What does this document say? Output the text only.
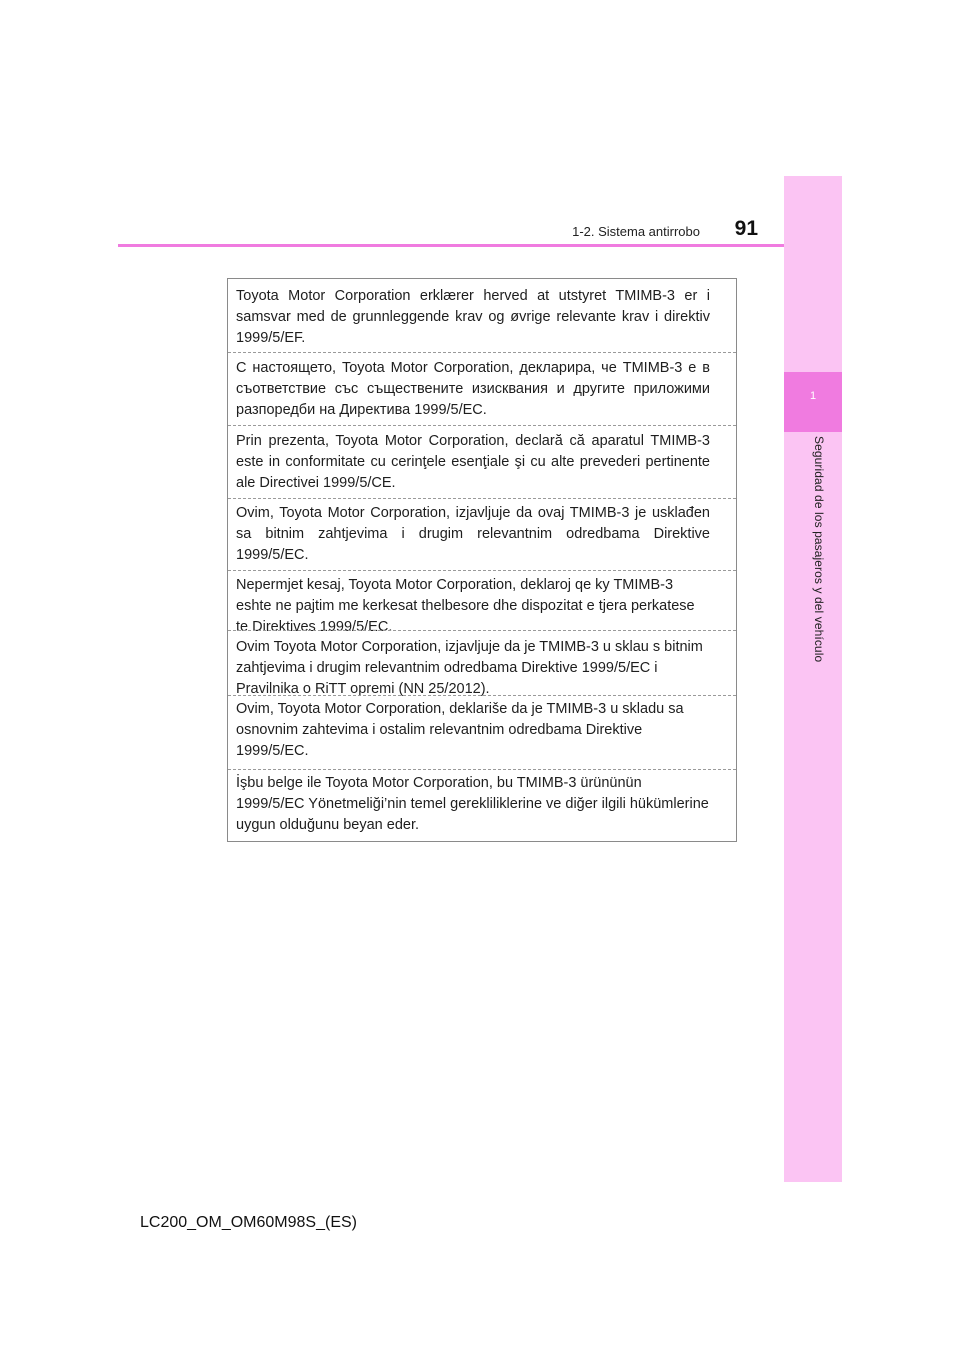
1
Seguridad de los pasajeros y del vehículo
1-2. Sistema antirrobo	91
Toyota Motor Corporation erklærer herved at utstyret TMIMB-3 er i samsvar med de grunnleggende krav og øvrige relevante krav i direktiv 1999/5/EF.
С настоящето, Toyota Motor Corporation, декларира, че TMIMB-3 е в съответствие със съществените изисквания и другите приложими разпоредби на Директива 1999/5/EC.
Prin prezenta, Toyota Motor Corporation, declară că aparatul TMIMB-3 este in conformitate cu cerinţele esenţiale şi cu alte prevederi pertinente ale Directivei 1999/5/CE.
Ovim, Toyota Motor Corporation, izjavljuje da ovaj TMIMB-3 je usklađen sa bitnim zahtjevima i drugim relevantnim odredbama Direktive 1999/5/EC.
Nepermjet kesaj, Toyota Motor Corporation, deklaroj qe ky TMIMB-3 eshte ne pajtim me kerkesat thelbesore dhe dispozitat e tjera perkatese te Direktives 1999/5/EC.
Ovim Toyota Motor Corporation, izjavljuje da je TMIMB-3 u sklau s bitnim zahtjevima i drugim relevantnim odredbama Direktive 1999/5/EC i Pravilnika o RiTT opremi (NN 25/2012).
Ovim, Toyota Motor Corporation, deklariše da je TMIMB-3 u skladu sa osnovnim zahtevima i ostalim relevantnim odredbama Direktive 1999/5/EC.
İşbu belge ile Toyota Motor Corporation, bu TMIMB-3 ürününün 1999/5/EC Yönetmeliği’nin temel gerekliliklerine ve diğer ilgili hükümlerine uygun olduğunu beyan eder.
LC200_OM_OM60M98S_(ES)
